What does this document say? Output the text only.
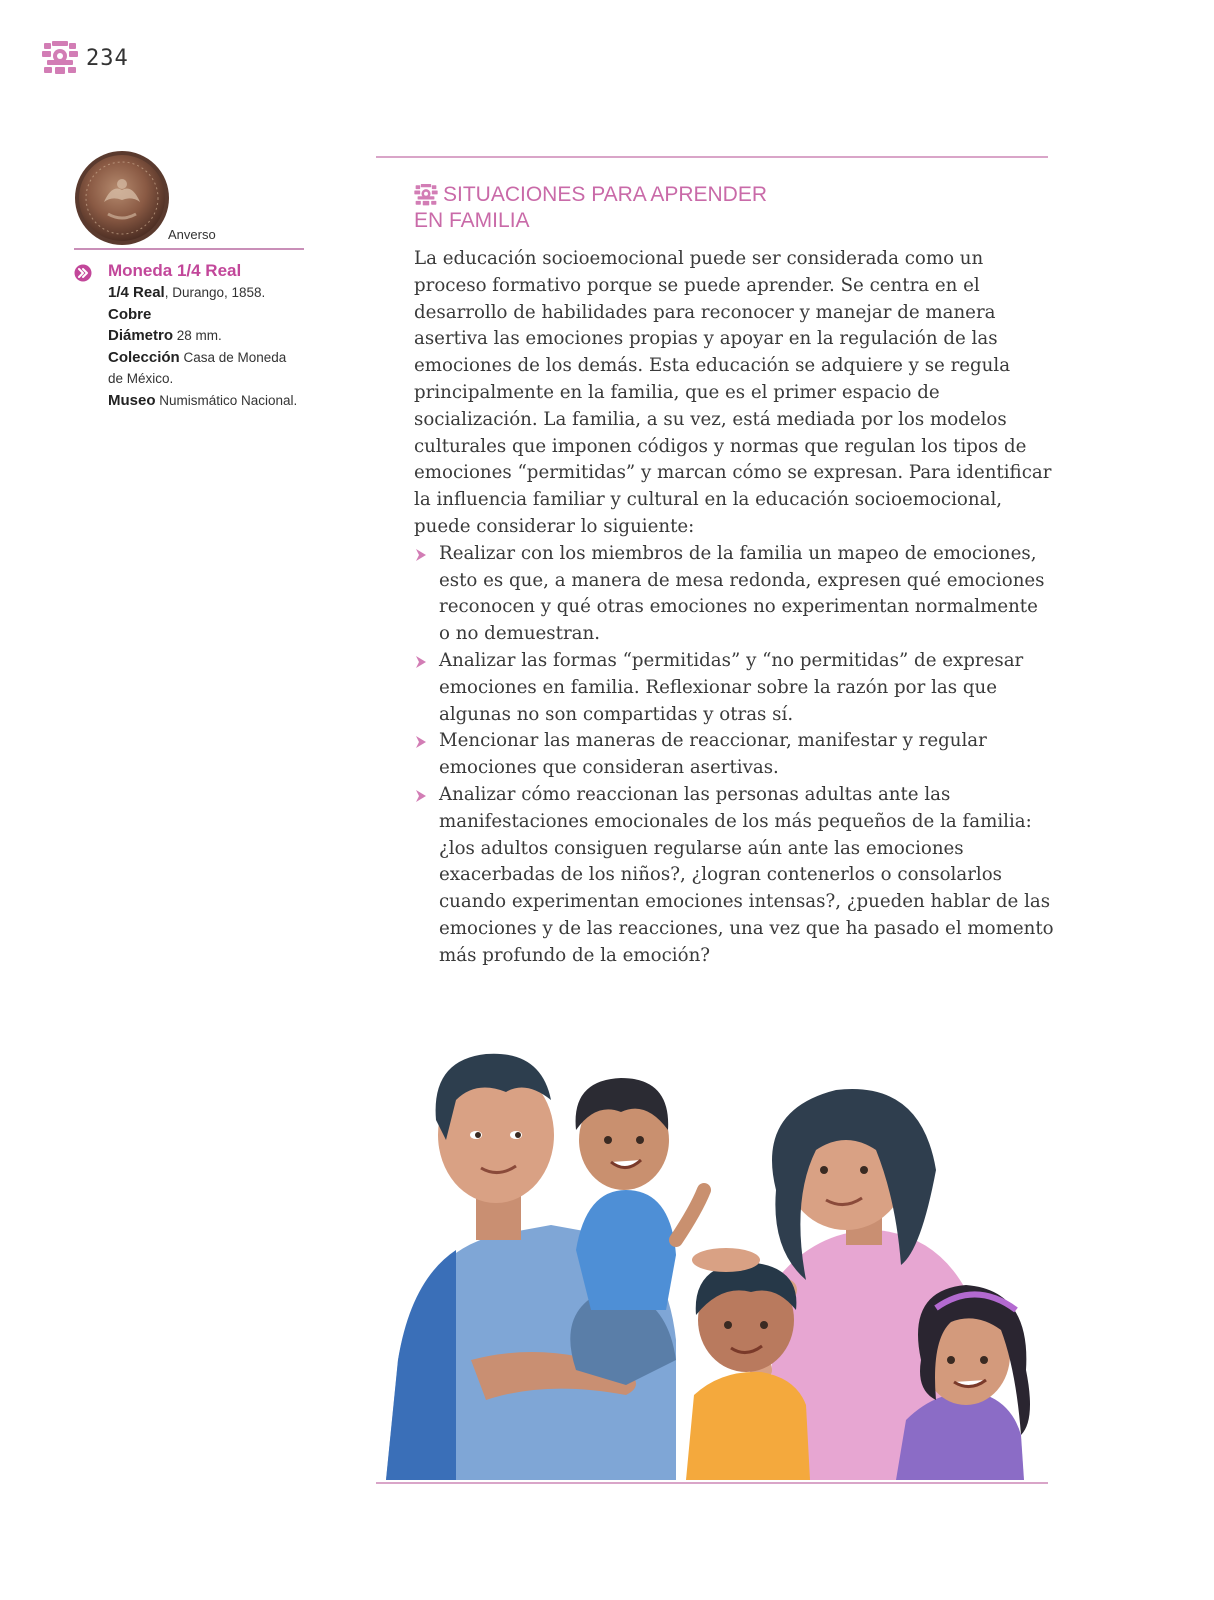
234
Anverso
Moneda 1/4 Real
1/4 Real, Durango, 1858.
Cobre
Diámetro 28 mm.
Colección Casa de Moneda de México.
Museo Numismático Nacional.
SITUACIONES PARA APRENDER
EN FAMILIA

La educación socioemocional puede ser considerada como un proceso formativo porque se puede aprender. Se centra en el desarrollo de habilidades para reconocer y manejar de manera asertiva las emociones propias y apoyar en la regulación de las emociones de los demás. Esta educación se adquiere y se regula principalmente en la familia, que es el primer espacio de socialización. La familia, a su vez, está mediada por los modelos culturales que imponen códigos y normas que regulan los tipos de emociones “permitidas” y marcan cómo se expresan. Para identificar la influencia familiar y cultural en la educación socioemocional, puede considerar lo siguiente:

Realizar con los miembros de la familia un mapeo de emociones, esto es que, a manera de mesa redonda, expresen qué emociones reconocen y qué otras emociones no experimentan normalmente o no demuestran.
Analizar las formas “permitidas” y “no permitidas” de expresar emociones en familia. Reflexionar sobre la razón por las que algunas no son compartidas y otras sí.
Mencionar las maneras de reaccionar, manifestar y regular emociones que consideran asertivas.
Analizar cómo reaccionan las personas adultas ante las manifestaciones emocionales de los más pequeños de la familia: ¿los adultos consiguen regularse aún ante las emociones exacerbadas de los niños?, ¿logran contenerlos o consolarlos cuando experimentan emociones intensas?, ¿pueden hablar de las emociones y de las reacciones, una vez que ha pasado el momento más profundo de la emoción?
